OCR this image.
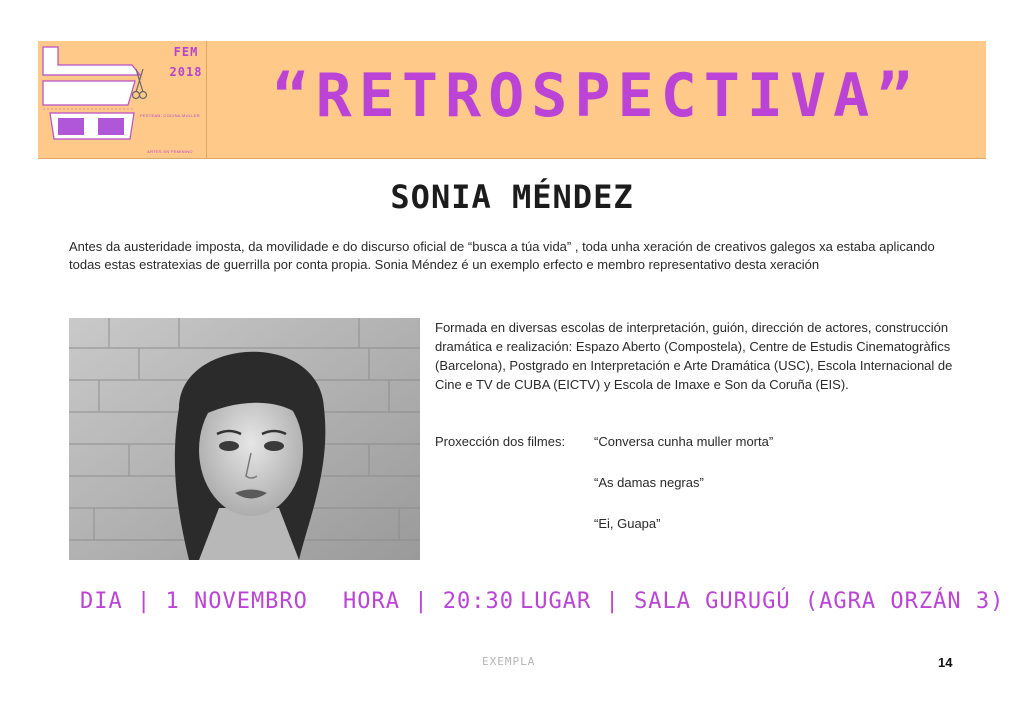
FEM
2018
FESTEAN, COCINA MULLER
ARTES EN FEMININO
“RETROSPECTIVA”
SONIA MÉNDEZ
Antes da austeridade imposta, da movilidade e do discurso oficial de “busca a túa vida” , toda unha xeración de creativos galegos xa estaba aplicando todas estas estratexias de guerrilla por conta propia. Sonia Méndez é un exemplo erfecto e membro representativo desta xeración
Formada en diversas escolas de interpretación, guión, dirección de actores, construcción dramática e realización: Espazo Aberto (Compostela), Centre de Estudis Cinematogràfics (Barcelona), Postgrado en Interpretación e Arte Dramática (USC), Escola Internacional de Cine e TV de CUBA (EICTV) y Escola de Imaxe e Son da Coruña (EIS).
Proxección dos filmes: “Conversa cunha muller morta”
“As damas negras”
“Ei, Guapa”
DIA | 1 NOVEMBRO HORA | 20:30 LUGAR | SALA GURUGÚ (AGRA ORZÁN 3)
EXEMPLA	14
